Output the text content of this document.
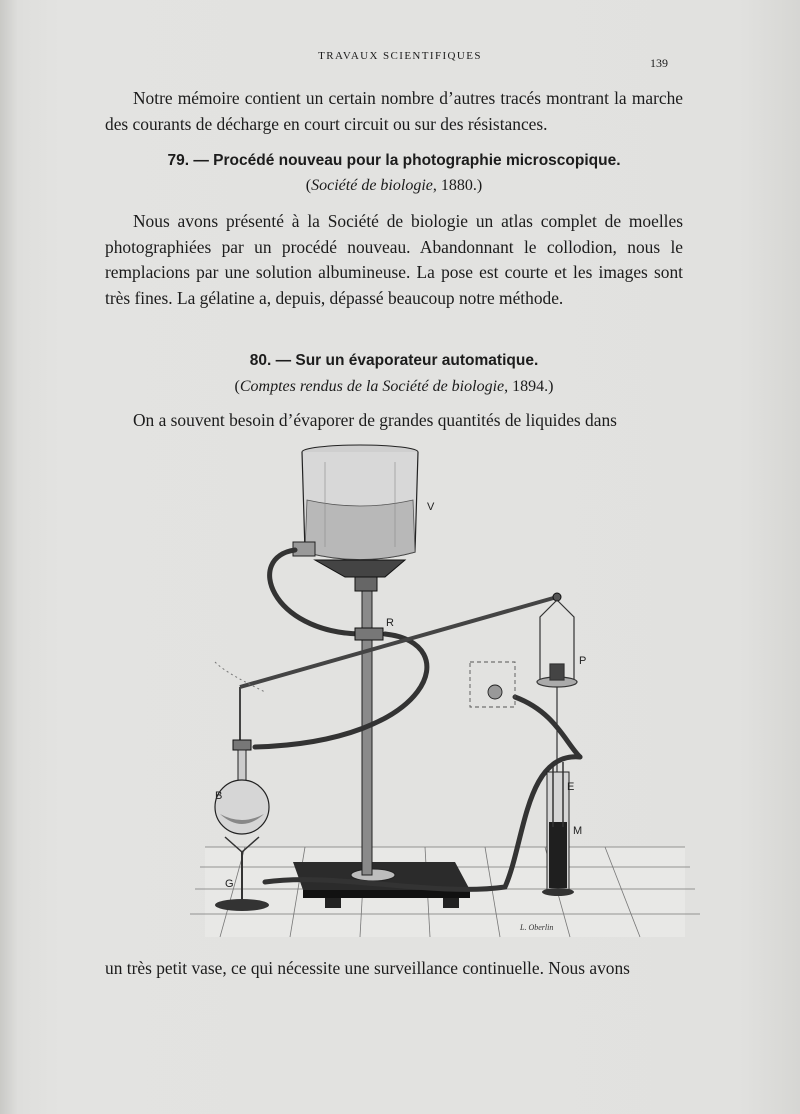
TRAVAUX SCIENTIFIQUES	139

Notre mémoire contient un certain nombre d’autres tracés montrant la marche des courants de décharge en court circuit ou sur des résistances.

79. — Procédé nouveau pour la photographie microscopique.
(Société de biologie, 1880.)

Nous avons présenté à la Société de biologie un atlas complet de moelles photographiées par un procédé nouveau. Abandonnant le collodion, nous le remplacions par une solution albumineuse. La pose est courte et les images sont très fines. La gélatine a, depuis, dépassé beaucoup notre méthode.

80. — Sur un évaporateur automatique.
(Comptes rendus de la Société de biologie, 1894.)

On a souvent besoin d’évaporer de grandes quantités de liquides dans

L. Oberlin
V
R
P
E
M
B
G

un très petit vase, ce qui nécessite une surveillance continuelle. Nous avons
